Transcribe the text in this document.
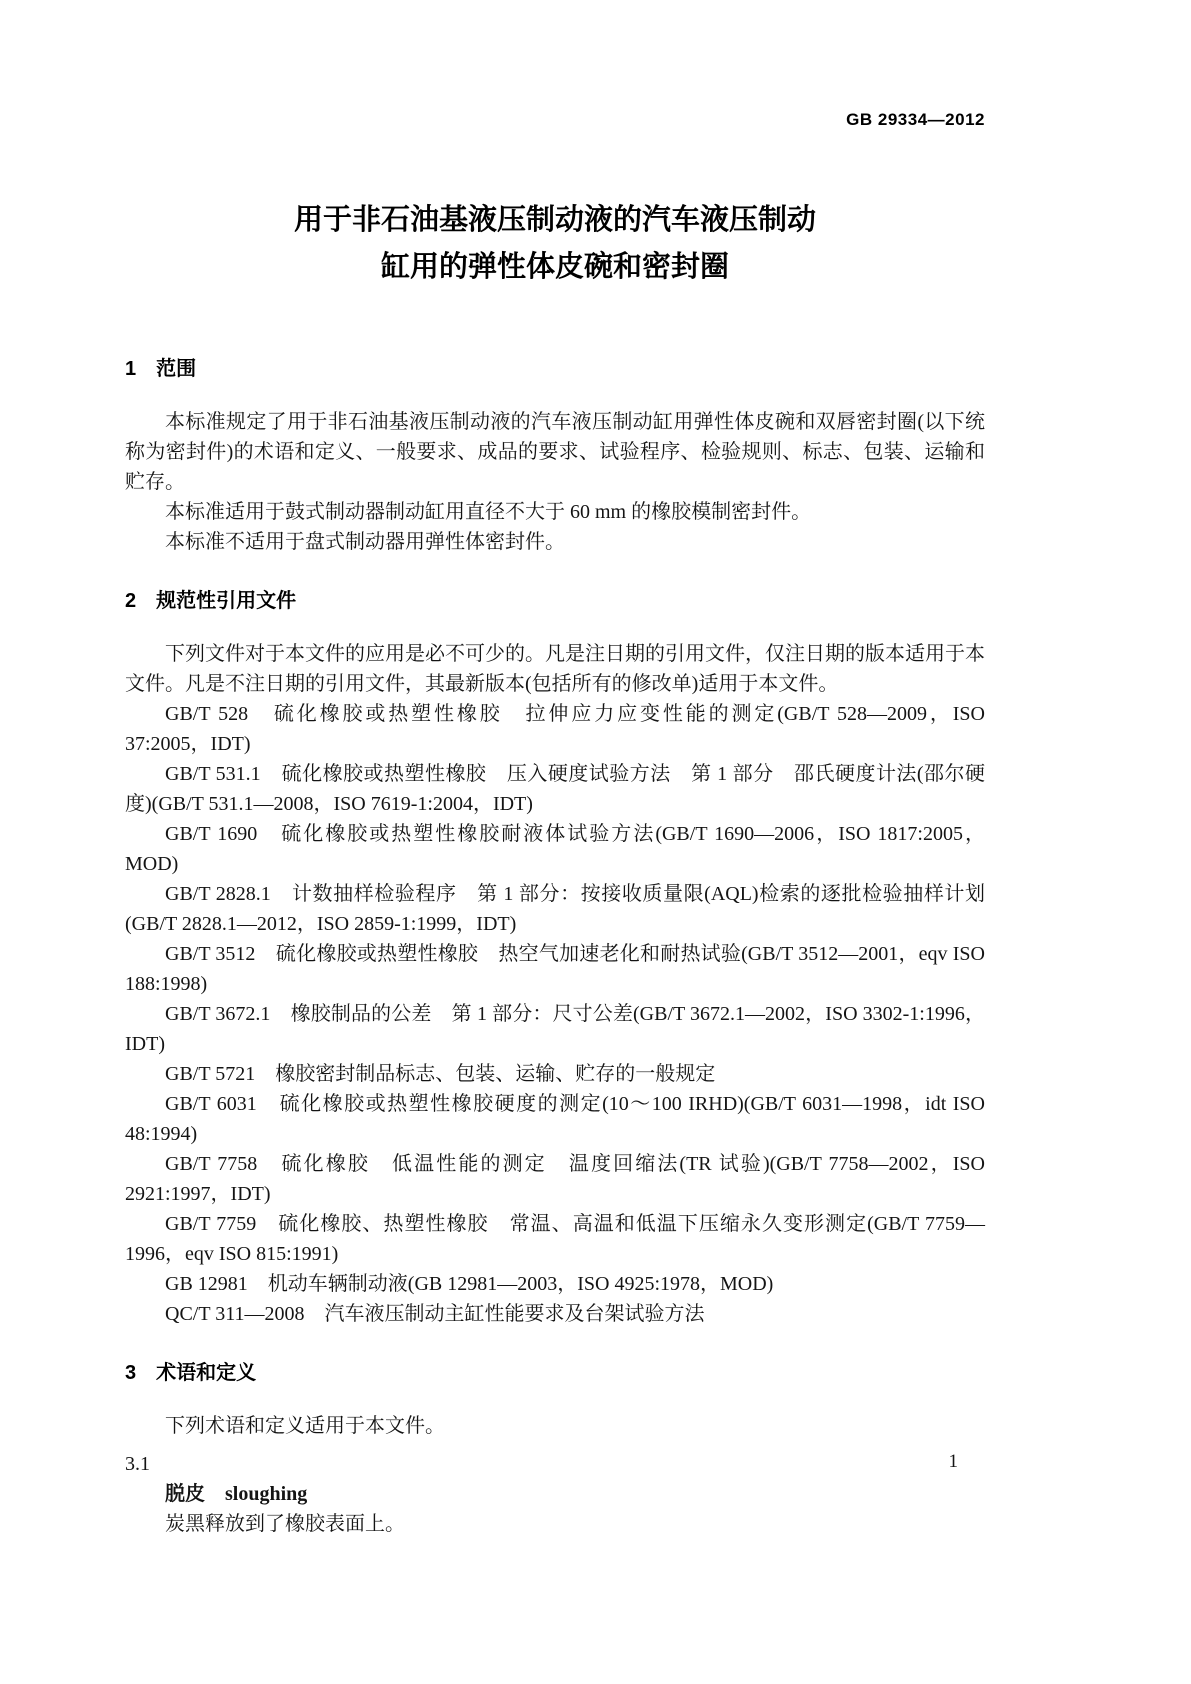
GB 29334—2012
用于非石油基液压制动液的汽车液压制动
缸用的弹性体皮碗和密封圈
1　范围

本标准规定了用于非石油基液压制动液的汽车液压制动缸用弹性体皮碗和双唇密封圈(以下统称为密封件)的术语和定义、一般要求、成品的要求、试验程序、检验规则、标志、包装、运输和贮存。

本标准适用于鼓式制动器制动缸用直径不大于 60 mm 的橡胶模制密封件。

本标准不适用于盘式制动器用弹性体密封件。

2　规范性引用文件

下列文件对于本文件的应用是必不可少的。凡是注日期的引用文件，仅注日期的版本适用于本文件。凡是不注日期的引用文件，其最新版本(包括所有的修改单)适用于本文件。

GB/T 528　硫化橡胶或热塑性橡胶　拉伸应力应变性能的测定(GB/T 528—2009，ISO 37:2005，IDT)

GB/T 531.1　硫化橡胶或热塑性橡胶　压入硬度试验方法　第 1 部分　邵氏硬度计法(邵尔硬度)(GB/T 531.1—2008，ISO 7619-1:2004，IDT)

GB/T 1690　硫化橡胶或热塑性橡胶耐液体试验方法(GB/T 1690—2006，ISO 1817:2005，MOD)

GB/T 2828.1　计数抽样检验程序　第 1 部分：按接收质量限(AQL)检索的逐批检验抽样计划(GB/T 2828.1—2012，ISO 2859-1:1999，IDT)

GB/T 3512　硫化橡胶或热塑性橡胶　热空气加速老化和耐热试验(GB/T 3512—2001，eqv ISO 188:1998)

GB/T 3672.1　橡胶制品的公差　第 1 部分：尺寸公差(GB/T 3672.1—2002，ISO 3302-1:1996，IDT)

GB/T 5721　橡胶密封制品标志、包装、运输、贮存的一般规定

GB/T 6031　硫化橡胶或热塑性橡胶硬度的测定(10～100 IRHD)(GB/T 6031—1998，idt ISO 48:1994)

GB/T 7758　硫化橡胶　低温性能的测定　温度回缩法(TR 试验)(GB/T 7758—2002，ISO 2921:1997，IDT)

GB/T 7759　硫化橡胶、热塑性橡胶　常温、高温和低温下压缩永久变形测定(GB/T 7759—1996，eqv ISO 815:1991)

GB 12981　机动车辆制动液(GB 12981—2003，ISO 4925:1978，MOD)

QC/T 311—2008　汽车液压制动主缸性能要求及台架试验方法

3　术语和定义

下列术语和定义适用于本文件。

3.1

脱皮　sloughing

炭黑释放到了橡胶表面上。

1
